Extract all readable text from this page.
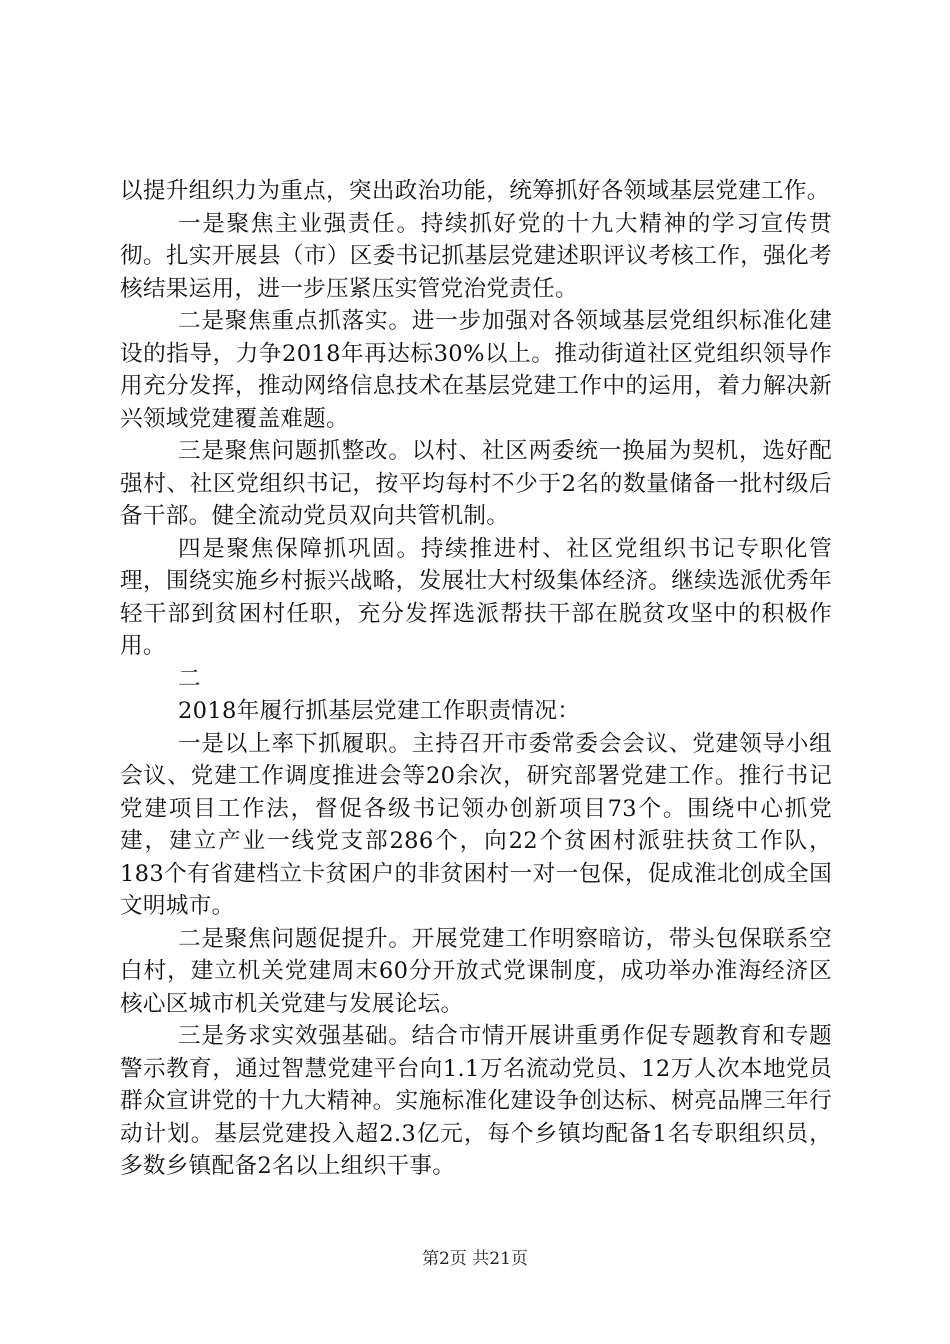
以提升组织力为重点，突出政治功能，统筹抓好各领域基层党建工作。

一是聚焦主业强责任。持续抓好党的十九大精神的学习宣传贯彻。扎实开展县（市）区委书记抓基层党建述职评议考核工作，强化考核结果运用，进一步压紧压实管党治党责任。

二是聚焦重点抓落实。进一步加强对各领域基层党组织标准化建设的指导，力争2018年再达标30%以上。推动街道社区党组织领导作用充分发挥，推动网络信息技术在基层党建工作中的运用，着力解决新兴领域党建覆盖难题。

三是聚焦问题抓整改。以村、社区两委统一换届为契机，选好配强村、社区党组织书记，按平均每村不少于2名的数量储备一批村级后备干部。健全流动党员双向共管机制。

四是聚焦保障抓巩固。持续推进村、社区党组织书记专职化管理，围绕实施乡村振兴战略，发展壮大村级集体经济。继续选派优秀年轻干部到贫困村任职，充分发挥选派帮扶干部在脱贫攻坚中的积极作用。

二

2018年履行抓基层党建工作职责情况：

一是以上率下抓履职。主持召开市委常委会会议、党建领导小组会议、党建工作调度推进会等20余次，研究部署党建工作。推行书记党建项目工作法，督促各级书记领办创新项目73个。围绕中心抓党建，建立产业一线党支部286个，向22个贫困村派驻扶贫工作队，183个有省建档立卡贫困户的非贫困村一对一包保，促成淮北创成全国文明城市。

二是聚焦问题促提升。开展党建工作明察暗访，带头包保联系空白村，建立机关党建周末60分开放式党课制度，成功举办淮海经济区核心区城市机关党建与发展论坛。

三是务求实效强基础。结合市情开展讲重勇作促专题教育和专题警示教育，通过智慧党建平台向1.1万名流动党员、12万人次本地党员群众宣讲党的十九大精神。实施标准化建设争创达标、树亮品牌三年行动计划。基层党建投入超2.3亿元，每个乡镇均配备1名专职组织员，多数乡镇配备2名以上组织干事。

第2页 共21页
